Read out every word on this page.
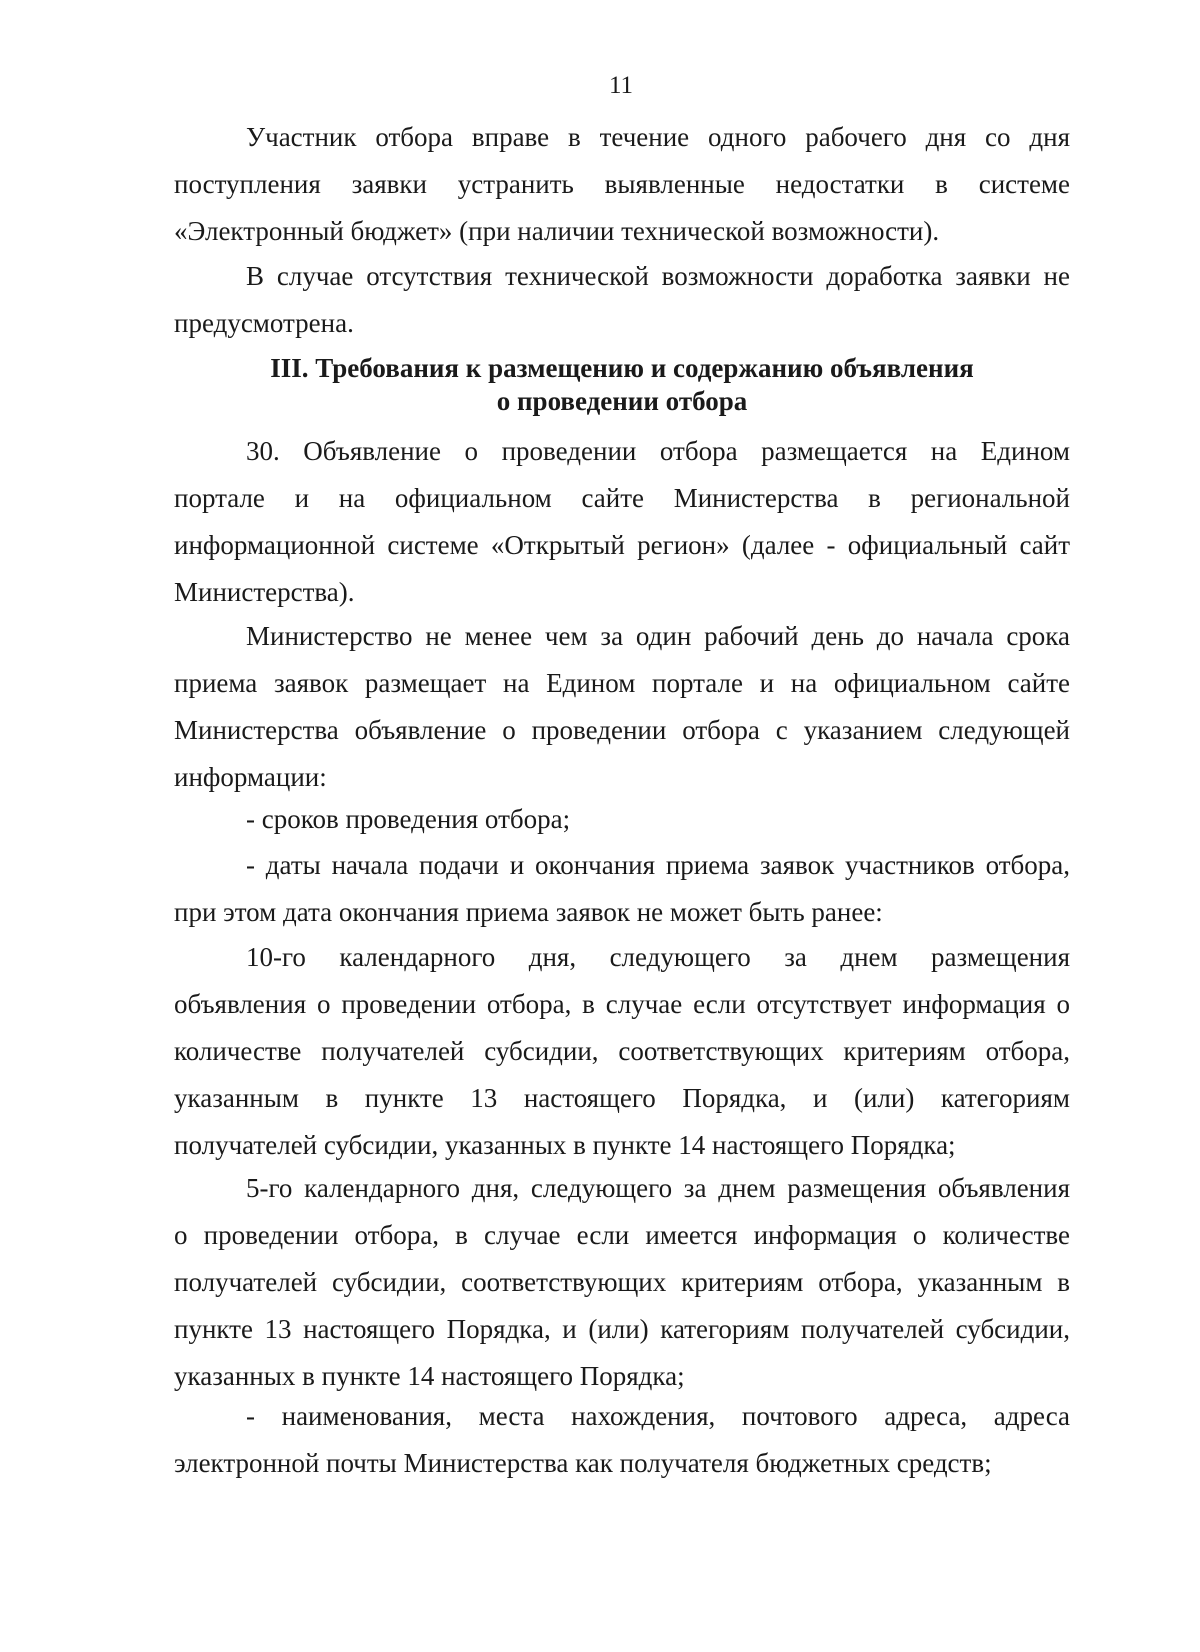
11
Участник отбора вправе в течение одного рабочего дня со дня
поступления заявки устранить выявленные недостатки в системе
«Электронный бюджет» (при наличии технической возможности).
В случае отсутствия технической возможности доработка заявки не
предусмотрена.
III. Требования к размещению и содержанию объявления
о проведении отбора
30. Объявление о проведении отбора размещается на Едином
портале и на официальном сайте Министерства в региональной
информационной системе «Открытый регион» (далее - официальный сайт
Министерства).
Министерство не менее чем за один рабочий день до начала срока
приема заявок размещает на Едином портале и на официальном сайте
Министерства объявление о проведении отбора с указанием следующей
информации:
- сроков проведения отбора;
- даты начала подачи и окончания приема заявок участников отбора,
при этом дата окончания приема заявок не может быть ранее:
10-го календарного дня, следующего за днем размещения
объявления о проведении отбора, в случае если отсутствует информация о
количестве получателей субсидии, соответствующих критериям отбора,
указанным в пункте 13 настоящего Порядка, и (или) категориям
получателей субсидии, указанных в пункте 14 настоящего Порядка;
5-го календарного дня, следующего за днем размещения объявления
о проведении отбора, в случае если имеется информация о количестве
получателей субсидии, соответствующих критериям отбора, указанным в
пункте 13 настоящего Порядка, и (или) категориям получателей субсидии,
указанных в пункте 14 настоящего Порядка;
- наименования, места нахождения, почтового адреса, адреса
электронной почты Министерства как получателя бюджетных средств;
